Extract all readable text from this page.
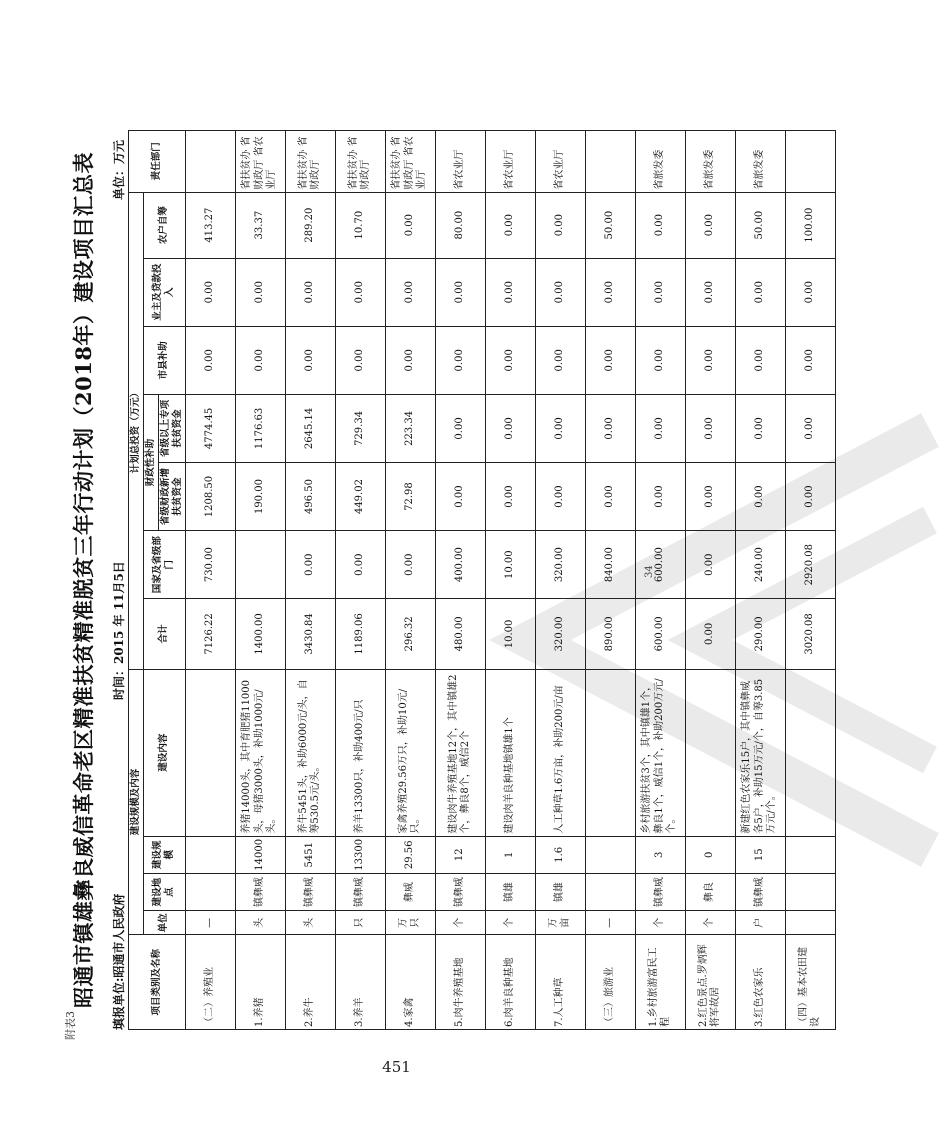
附表3
昭通市镇雄彝良威信革命老区精准扶贫精准脱贫三年行动计划（2018年）建设项目汇总表 填报单位:昭通市人民政府
时间：2015 年 11月5日
单位：万元
项目类别及名称	建设规模及内容				计划总投资（万元）							责任部门
	单位	建设地点	建设规模	建设内容	合计	国家及省级部门	财政性补助		市县补助	业主及贷款投入	农户自筹	
							省级财政新增扶贫资金	省级以上专项扶贫资金				
（二）养殖业	—				7126.22	730.00	1208.50	4774.45	0.00	0.00	413.27	
1.养猪	头	镇彝威	14000	养猪14000头，其中育肥猪11000头，母猪3000头，补助1000元/头。	1400.00		190.00	1176.63	0.00	0.00	33.37	省扶贫办 省财政厅 省农业厅
2.养牛	头	镇彝威	5451	养牛5451头，补助6000元/头，自筹530.5元/头。	3430.84	0.00	496.50	2645.14	0.00	0.00	289.20	省扶贫办 省财政厅
3.养羊	只	镇彝威	13300	养羊13300只，补助400元/只	1189.06	0.00	449.02	729.34	0.00	0.00	10.70	省扶贫办 省财政厅
4.家禽	万只	彝威	29.56	家禽养殖29.56万只，补助10元/只。	296.32	0.00	72.98	223.34	0.00	0.00	0.00	省扶贫办 省财政厅 省农业厅
5.肉牛养殖基地	个	镇彝威	12	建设肉牛养殖基地12个，其中镇雄2个，彝良8个，威信2个	480.00	400.00	0.00	0.00	0.00	0.00	80.00	省农业厅
6.肉羊良种基地	个	镇雄	1	建设肉羊良种基地镇雄1个	10.00	10.00	0.00	0.00	0.00	0.00	0.00	省农业厅
7.人工种草	万亩	镇雄	1.6	人工种草1.6万亩，补助200元/亩	320.00	320.00	0.00	0.00	0.00	0.00	0.00	省农业厅
（三）旅游业	—				890.00	840.00	0.00	0.00	0.00	0.00	50.00	
1.乡村旅游富民工程	个	镇彝威	3	乡村旅游扶贫3个，其中镇雄1个，彝良1个，威信1个，补助200万元/个。	600.00	600.00	0.00	0.00	0.00	0.00	0.00	省旅发委
2.红色景点.罗炳辉将军故居	个	彝良	0		0.00	0.00	0.00	0.00	0.00	0.00	0.00	省旅发委
3.红色农家乐	户	镇彝威	15	新建红色农家乐15户，其中镇彝威各5户，补助15万元/个，自筹3.85万元/个。	290.00	240.00	0.00	0.00	0.00	0.00	50.00	省旅发委
（四）基本农田建设					3020.08	2920.08	0.00	0.00	0.00	0.00	100.00	
34
451
